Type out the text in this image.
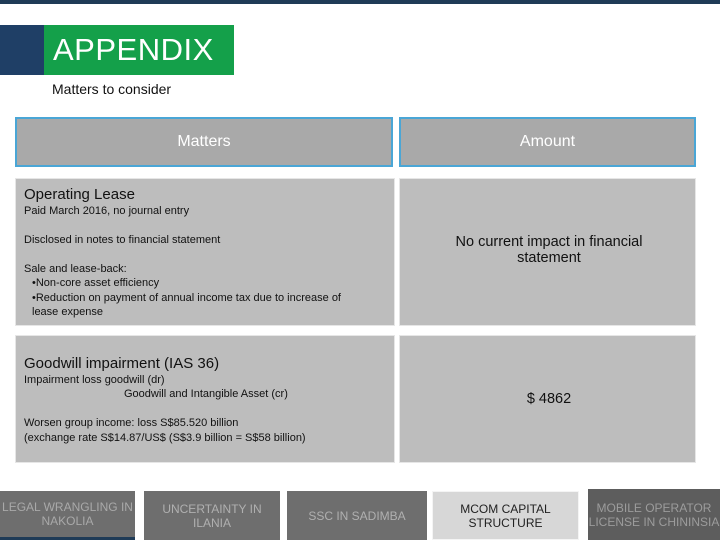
APPENDIX
Matters to consider
Matters	Amount
Operating Lease
Paid March 2016, no journal entry
Disclosed in notes to financial statement
Sale and lease-back:
•Non-core asset efficiency
•Reduction on payment of annual income tax due to increase of
lease expense
No current impact in financial statement
Goodwill impairment (IAS 36)
Impairment loss goodwill (dr)
Goodwill and Intangible Asset (cr)
Worsen group income: loss S$85.520 billion
(exchange rate S$14.87/US$ (S$3.9 billion = S$58 billion)
$ 4862
LEGAL WRANGLING IN NAKOLIA
UNCERTAINTY IN ILANIA	SSC IN SADIMBA	MCOM CAPITAL STRUCTURE
MOBILE OPERATOR LICENSE IN CHININSIA
